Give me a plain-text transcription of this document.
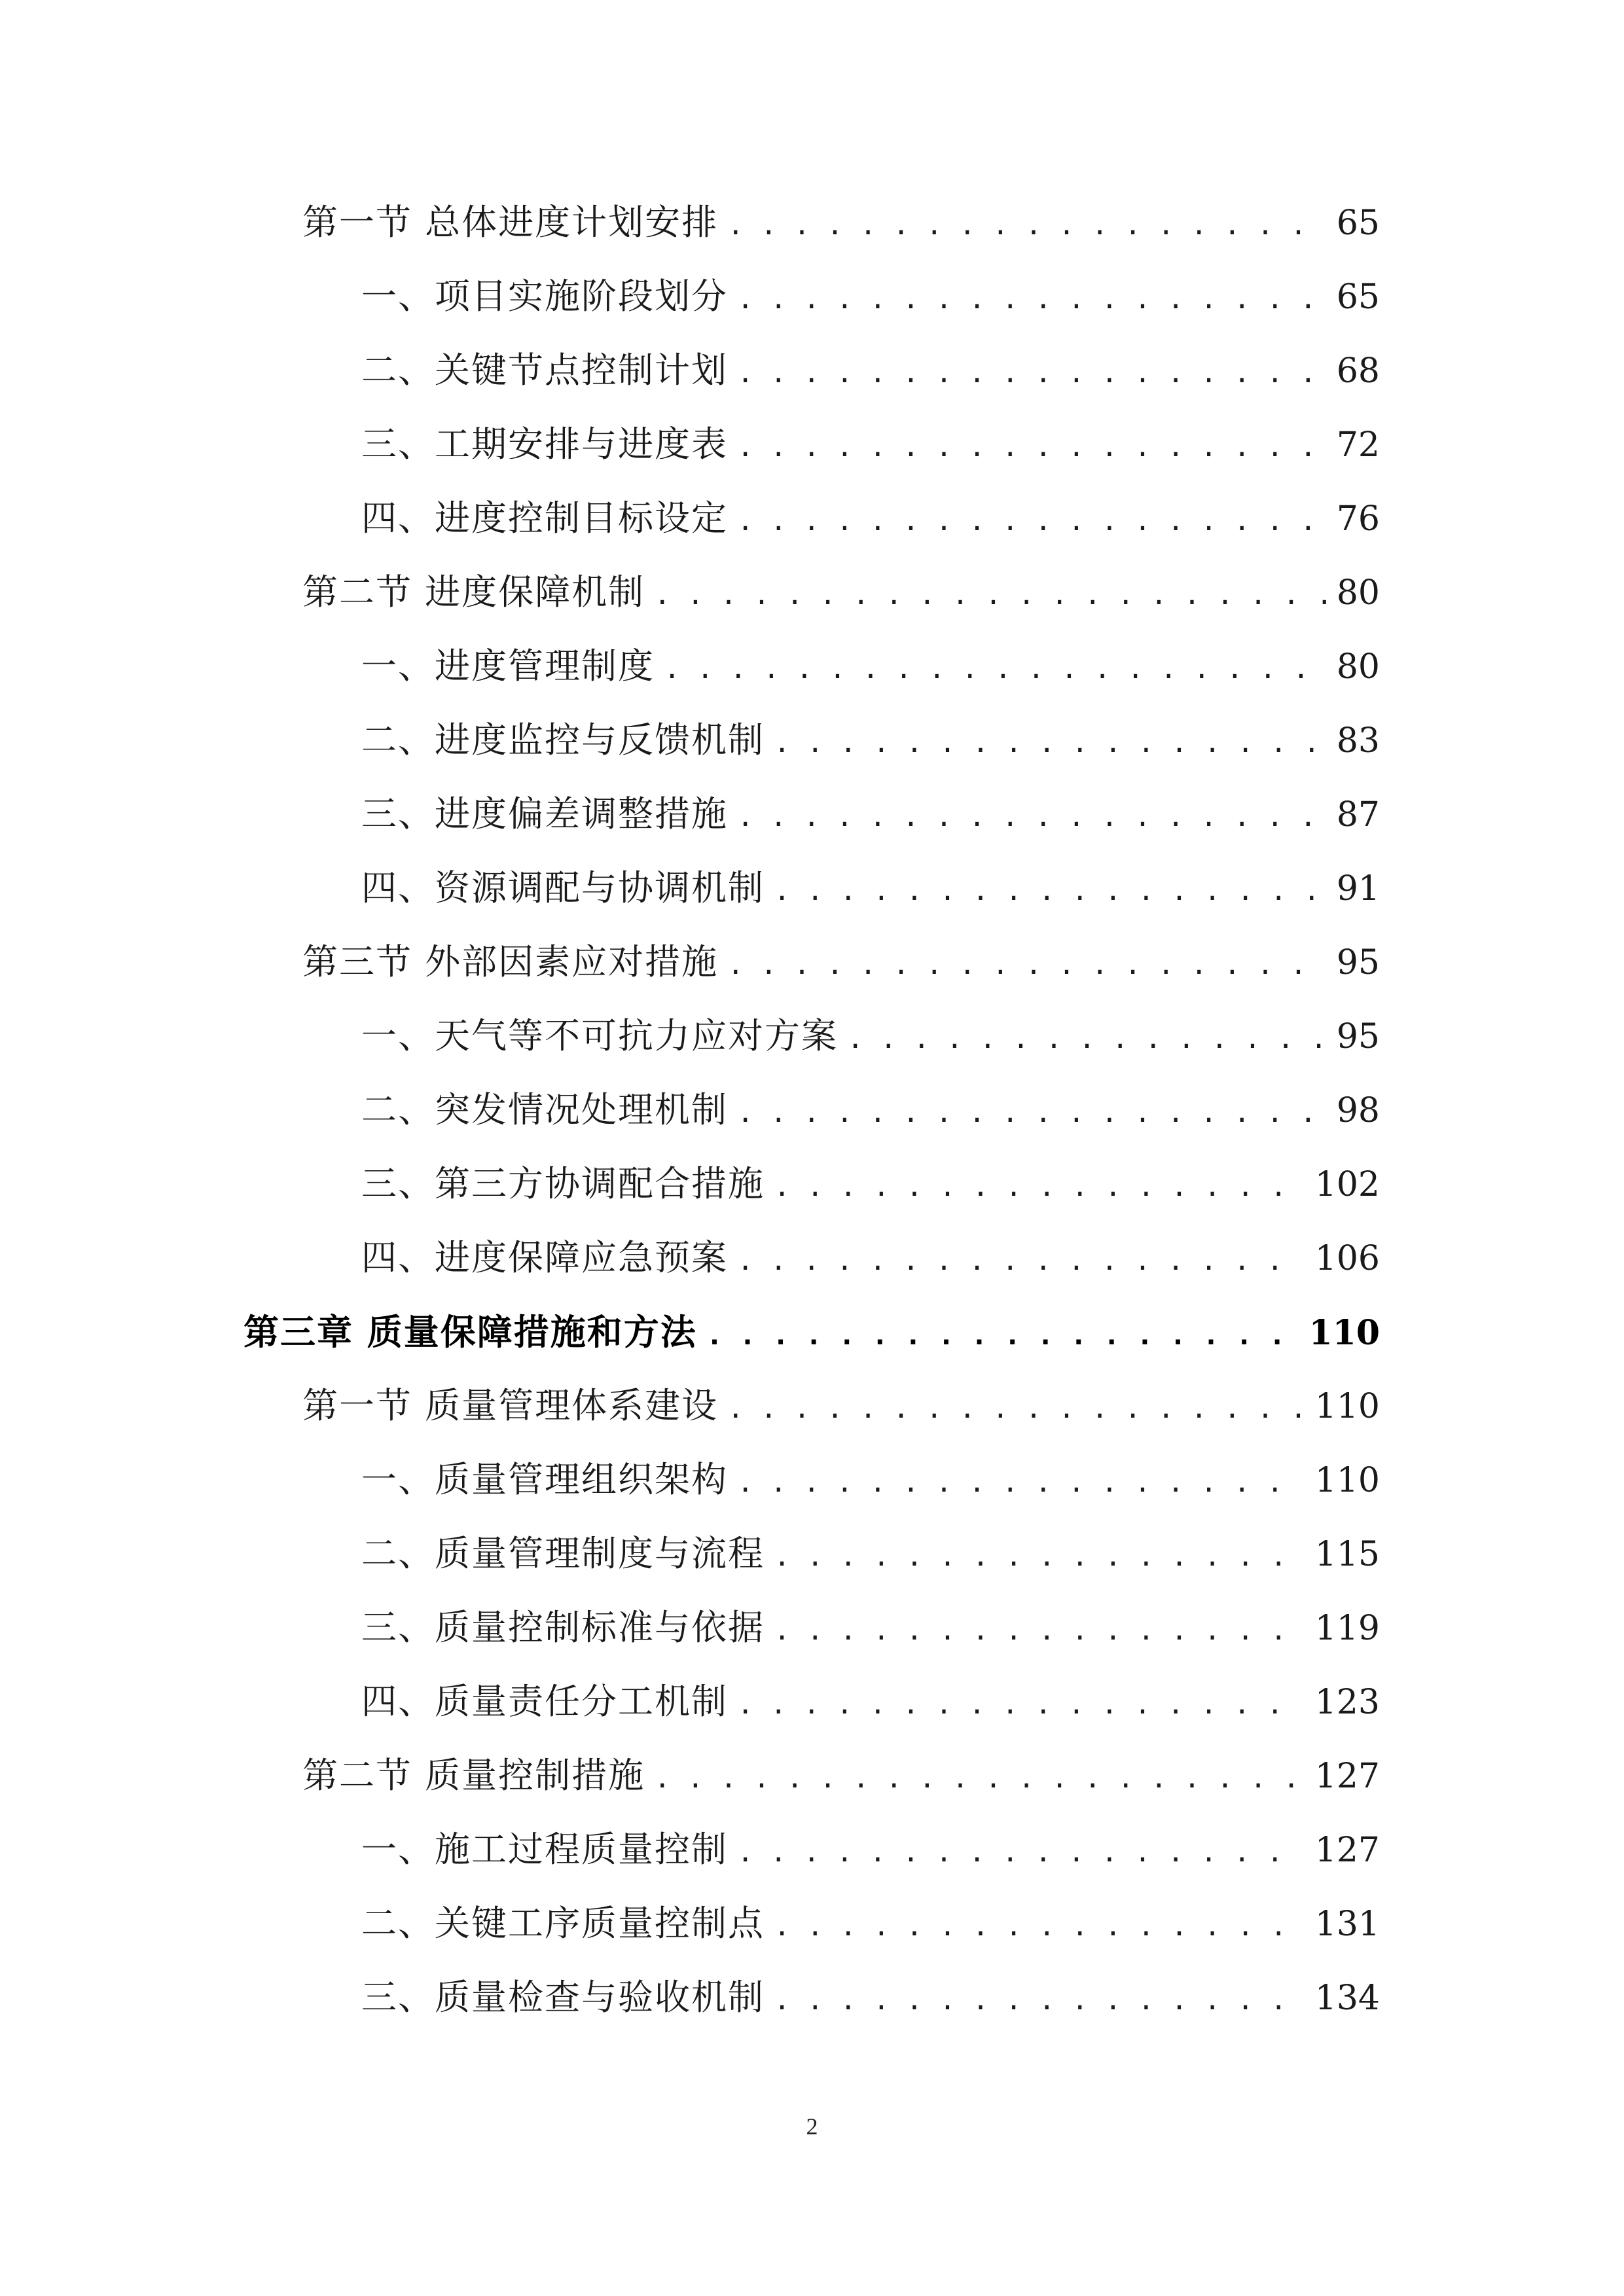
第一节 总体进度计划安排 . . .	65
一、项目实施阶段划分 . . .	65
二、关键节点控制计划 . . .	68
三、工期安排与进度表 . . .	72
四、进度控制目标设定 . . .	76
第二节 进度保障机制 . . .	80
一、进度管理制度 . . .	80
二、进度监控与反馈机制 . . .	83
三、进度偏差调整措施 . . .	87
四、资源调配与协调机制 . . .	91
第三节 外部因素应对措施 . . .	95
一、天气等不可抗力应对方案 . . .	95
二、突发情况处理机制 . . .	98
三、第三方协调配合措施 . . .	102
四、进度保障应急预案 . . .	106
第三章 质量保障措施和方法 . . .	110
第一节 质量管理体系建设 . . .	110
一、质量管理组织架构 . . .	110
二、质量管理制度与流程 . . .	115
三、质量控制标准与依据 . . .	119
四、质量责任分工机制 . . .	123
第二节 质量控制措施 . . .	127
一、施工过程质量控制 . . .	127
二、关键工序质量控制点 . . .	131
三、质量检查与验收机制 . . .	134
2
